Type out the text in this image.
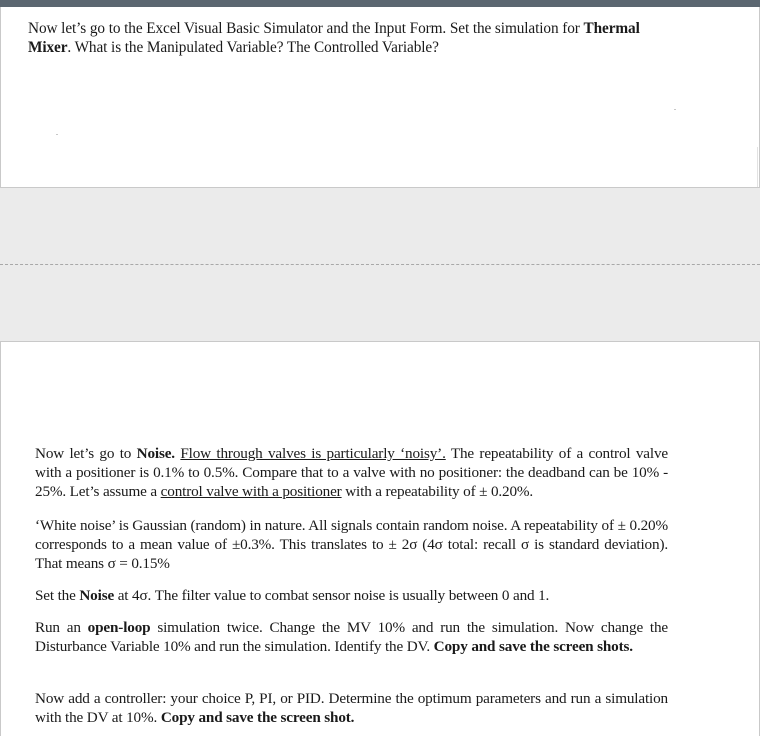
Now let’s go to the Excel Visual Basic Simulator and the Input Form. Set the simulation for Thermal Mixer. What is the Manipulated Variable? The Controlled Variable?

Now let’s go to Noise. Flow through valves is particularly ‘noisy’. The repeatability of a control valve with a positioner is 0.1% to 0.5%. Compare that to a valve with no positioner: the deadband can be 10% - 25%. Let’s assume a control valve with a positioner with a repeatability of ± 0.20%.

‘White noise’ is Gaussian (random) in nature. All signals contain random noise. A repeatability of ± 0.20% corresponds to a mean value of ±0.3%. This translates to ± 2σ (4σ total: recall σ is standard deviation). That means σ = 0.15%

Set the Noise at 4σ. The filter value to combat sensor noise is usually between 0 and 1.

Run an open-loop simulation twice. Change the MV 10% and run the simulation. Now change the Disturbance Variable 10% and run the simulation. Identify the DV. Copy and save the screen shots.

Now add a controller: your choice P, PI, or PID. Determine the optimum parameters and run a simulation with the DV at 10%. Copy and save the screen shot.
